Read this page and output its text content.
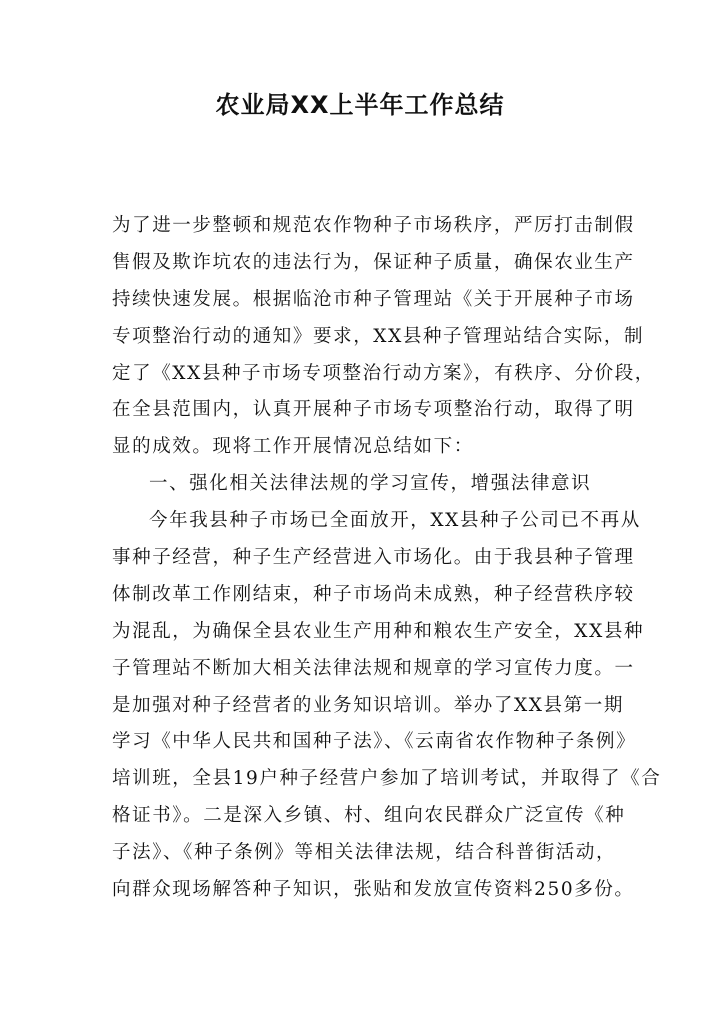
农业局XX上半年工作总结
为了进一步整顿和规范农作物种子市场秩序，严厉打击制假
售假及欺诈坑农的违法行为，保证种子质量，确保农业生产
持续快速发展。根据临沧市种子管理站《关于开展种子市场
专项整治行动的通知》要求，XX县种子管理站结合实际，制
定了《XX县种子市场专项整治行动方案》，有秩序、分价段，
在全县范围内，认真开展种子市场专项整治行动，取得了明
显的成效。现将工作开展情况总结如下：
一、强化相关法律法规的学习宣传，增强法律意识
今年我县种子市场已全面放开，XX县种子公司已不再从
事种子经营，种子生产经营进入市场化。由于我县种子管理
体制改革工作刚结束，种子市场尚未成熟，种子经营秩序较
为混乱，为确保全县农业生产用种和粮农生产安全，XX县种
子管理站不断加大相关法律法规和规章的学习宣传力度。一
是加强对种子经营者的业务知识培训。举办了XX县第一期
学习《中华人民共和国种子法》、《云南省农作物种子条例》
培训班，全县19户种子经营户参加了培训考试，并取得了《合
格证书》。二是深入乡镇、村、组向农民群众广泛宣传《种
子法》、《种子条例》等相关法律法规，结合科普街活动，
向群众现场解答种子知识，张贴和发放宣传资料250多份。
